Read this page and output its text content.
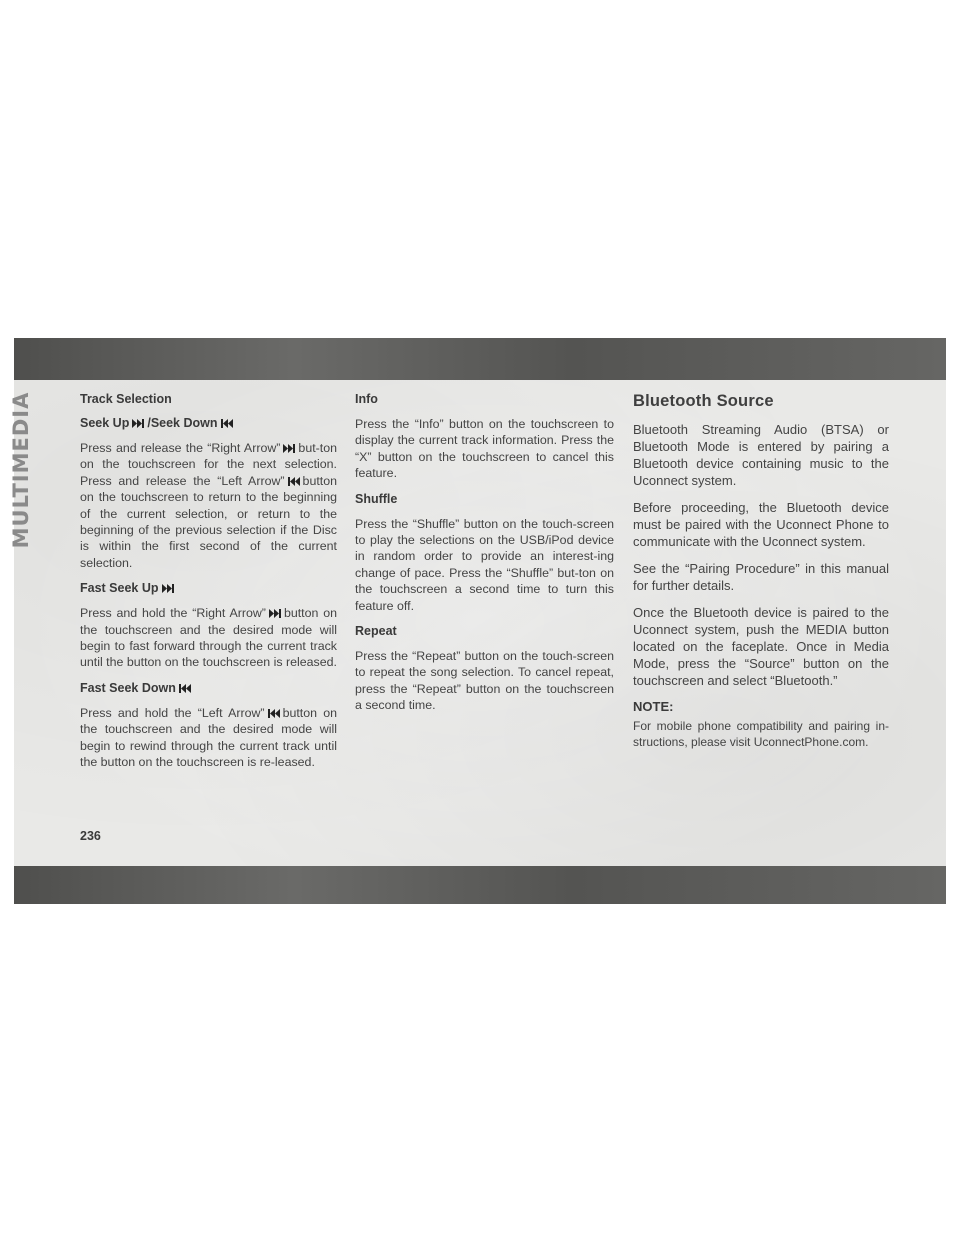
MULTIMEDIA	Track Selection
Seek Up /Seek Down

Press and release the “Right Arrow” but-ton on the touchscreen for the next selection. Press and release the “Left Arrow” button on the touchscreen to return to the beginning of the current selection, or return to the beginning of the previous selection if the Disc is within the first second of the current selection.

Fast Seek Up

Press and hold the “Right Arrow” button on the touchscreen and the desired mode will begin to fast forward through the current track until the button on the touchscreen is released.

Fast Seek Down

Press and hold the “Left Arrow” button on the touchscreen and the desired mode will begin to rewind through the current track until the button on the touchscreen is re-leased.

Info

Press the “Info” button on the touchscreen to display the current track information. Press the “X” button on the touchscreen to cancel this feature.

Shuffle

Press the “Shuffle” button on the touch-screen to play the selections on the USB/iPod device in random order to provide an interest-ing change of pace. Press the “Shuffle” but-ton on the touchscreen a second time to turn this feature off.

Repeat

Press the “Repeat” button on the touch-screen to repeat the song selection. To cancel repeat, press the “Repeat” button on the touchscreen a second time.

Bluetooth Source

Bluetooth Streaming Audio (BTSA) or Bluetooth Mode is entered by pairing a Bluetooth device containing music to the Uconnect system.

Before proceeding, the Bluetooth device must be paired with the Uconnect Phone to communicate with the Uconnect system.

See the “Pairing Procedure” in this manual for further details.

Once the Bluetooth device is paired to the Uconnect system, push the MEDIA button located on the faceplate. Once in Media Mode, press the “Source” button on the touchscreen and select “Bluetooth.”

NOTE:

For mobile phone compatibility and pairing in-structions, please visit UconnectPhone.com.

236
